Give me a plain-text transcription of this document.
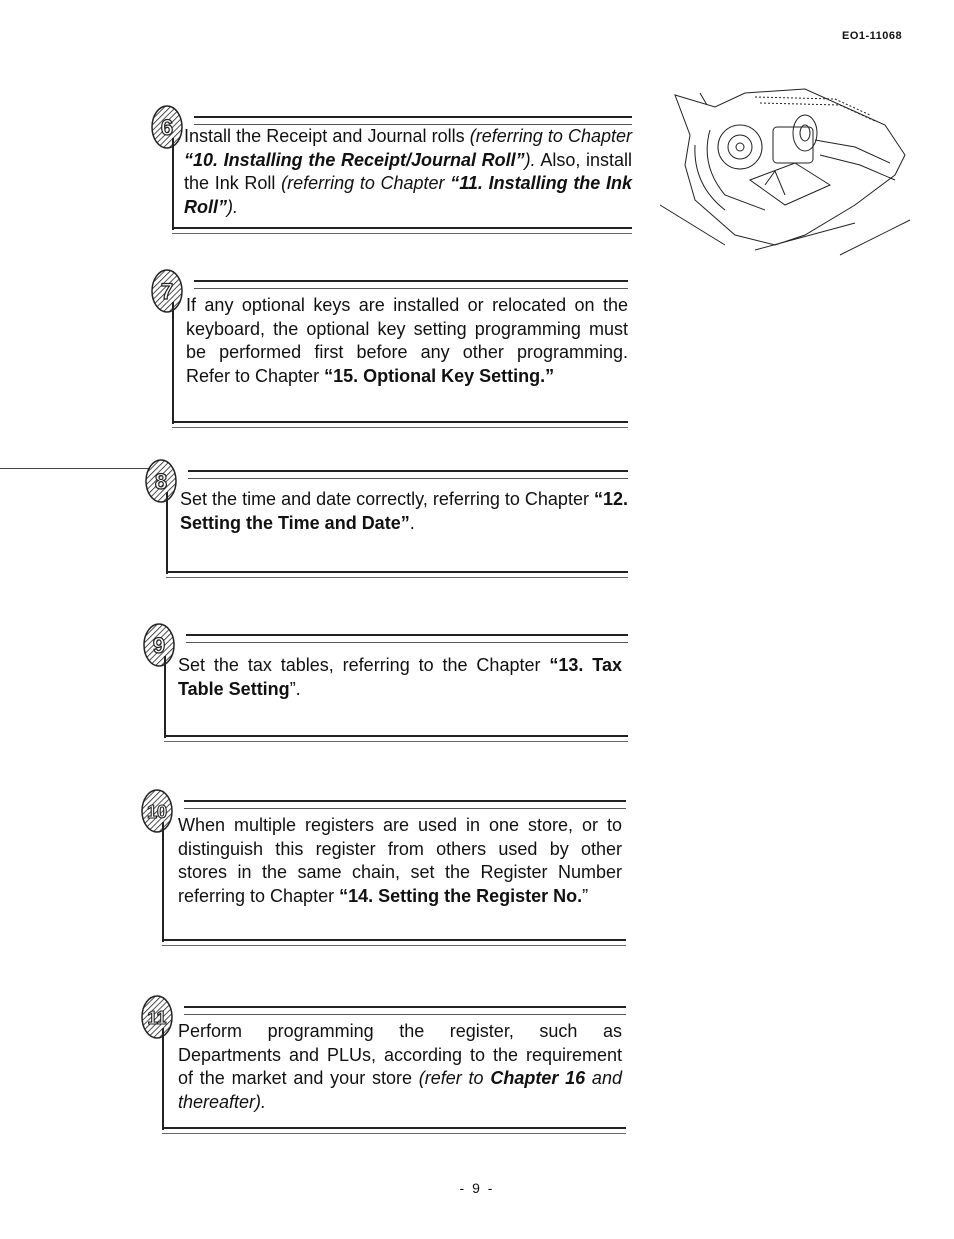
EO1-11068
6 Install the Receipt and Journal rolls (referring to Chapter “10. Installing the Receipt/Journal Roll”). Also, install the Ink Roll (referring to Chapter “11. Installing the Ink Roll”).
7
If any optional keys are installed or relocated on the keyboard, the optional key setting programming must be performed first before any other programming. Refer to Chapter “15. Optional Key Setting.”
8
Set the time and date correctly, referring to Chapter “12. Setting the Time and Date”.
9
Set the tax tables, referring to the Chapter “13. Tax Table Setting”.
10
When multiple registers are used in one store, or to distinguish this register from others used by other stores in the same chain, set the Register Number referring to Chapter “14. Setting the Register No.”
11
Perform programming the register, such as Departments and PLUs, according to the requirement of the market and your store (refer to Chapter 16 and thereafter).
- 9 -
